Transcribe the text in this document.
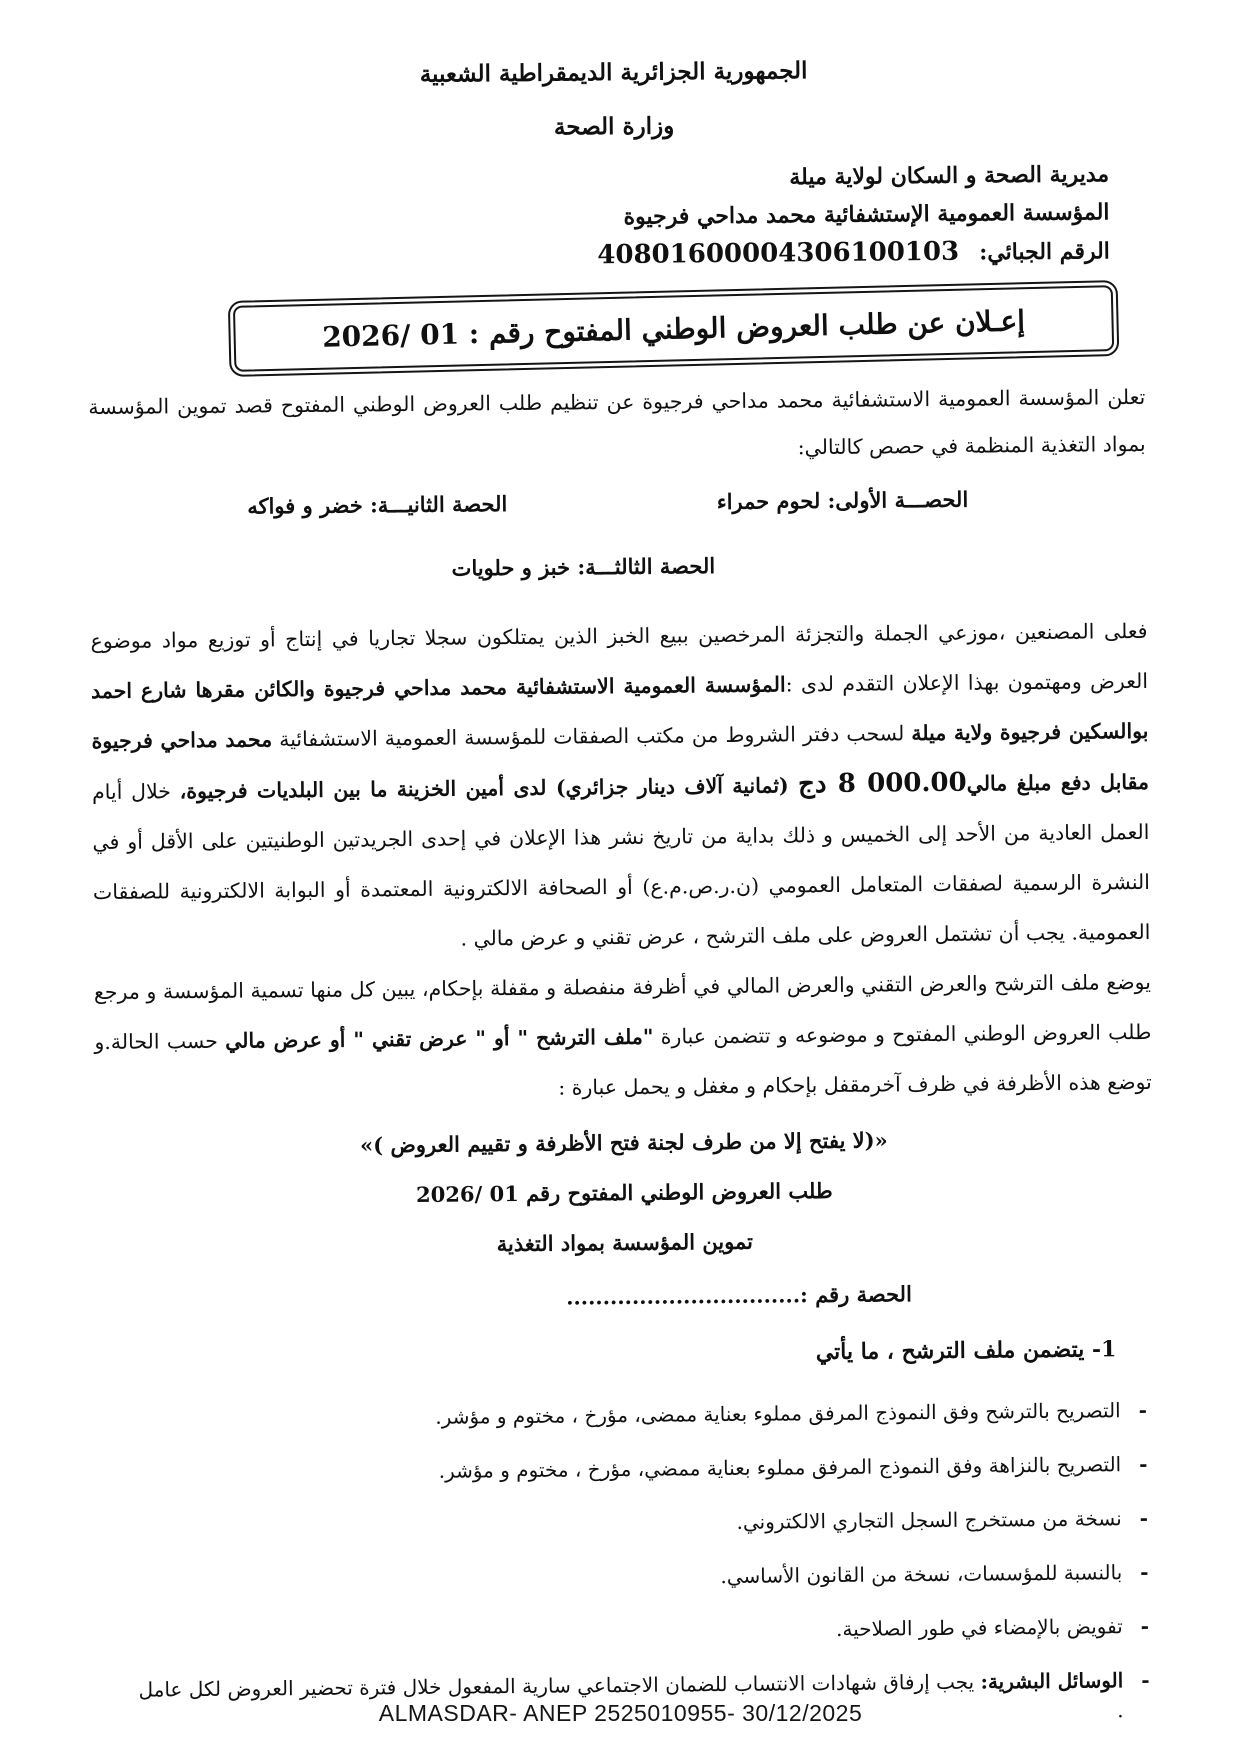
الجمهورية الجزائرية الديمقراطية الشعبية
وزارة الصحة
مديرية الصحة و السكان لولاية ميلة
المؤسسة العمومية الإستشفائية محمد مداحي فرجيوة
الرقم الجبائي:40801600004306100103
إعـلان عن طلب العروض الوطني المفتوح رقم : 01 /2026

تعلن المؤسسة العمومية الاستشفائية محمد مداحي فرجيوة عن تنظيم طلب العروض الوطني المفتوح قصد تموين المؤسسة بمواد التغذية المنظمة في حصص كالتالي:

الحصـــة الأولى: لحوم حمراء
الحصة الثانيـــة: خضر و فواكه
الحصة الثالثـــة: خبز و حلويات

فعلى المصنعين ،موزعي الجملة والتجزئة المرخصين ببيع الخبز الذين يمتلكون سجلا تجاريا في إنتاج أو توزيع مواد موضوع العرض ومهتمون بهذا الإعلان التقدم لدى :المؤسسة العمومية الاستشفائية محمد مداحي فرجيوة والكائن مقرها شارع احمد بوالسكين فرجيوة ولاية ميلة لسحب دفتر الشروط من مكتب الصفقات للمؤسسة العمومية الاستشفائية محمد مداحي فرجيوة مقابل دفع مبلغ مالي8 000.00 دج (ثمانية آلاف دينار جزائري) لدى أمين الخزينة ما بين البلديات فرجيوة، خلال أيام العمل العادية من الأحد إلى الخميس و ذلك بداية من تاريخ نشر هذا الإعلان في إحدى الجريدتين الوطنيتين على الأقل أو في النشرة الرسمية لصفقات المتعامل العمومي (ن.ر.ص.م.ع) أو الصحافة الالكترونية المعتمدة أو البوابة الالكترونية للصفقات العمومية. يجب أن تشتمل العروض على ملف الترشح ، عرض تقني و عرض مالي .

يوضع ملف الترشح والعرض التقني والعرض المالي في أظرفة منفصلة و مقفلة بإحكام، يبين كل منها تسمية المؤسسة و مرجع طلب العروض الوطني المفتوح و موضوعه و تتضمن عبارة "ملف الترشح " أو " عرض تقني " أو عرض مالي حسب الحالة.و توضع هذه الأظرفة في ظرف آخرمقفل بإحكام و مغفل و يحمل عبارة :

«(لا يفتح إلا من طرف لجنة فتح الأظرفة و تقييم العروض )»
طلب العروض الوطني المفتوح رقم 01 /2026
تموين المؤسسة بمواد التغذية
الحصة رقم :................................
1- يتضمن ملف الترشح ، ما يأتي
-
التصريح بالترشح وفق النموذج المرفق مملوء بعناية ممضى، مؤرخ ، مختوم و مؤشر.
-
التصريح بالنزاهة وفق النموذج المرفق مملوء بعناية ممضي، مؤرخ ، مختوم و مؤشر.
-
نسخة من مستخرج السجل التجاري الالكتروني.
-
بالنسبة للمؤسسات، نسخة من القانون الأساسي.
-
تفويض بالإمضاء في طور الصلاحية.
-
الوسائل البشرية: يجب إرفاق شهادات الانتساب للضمان الاجتماعي سارية المفعول خلال فترة تحضير العروض لكل عامل .
ALMASDAR- ANEP 2525010955- 30/12/2025
